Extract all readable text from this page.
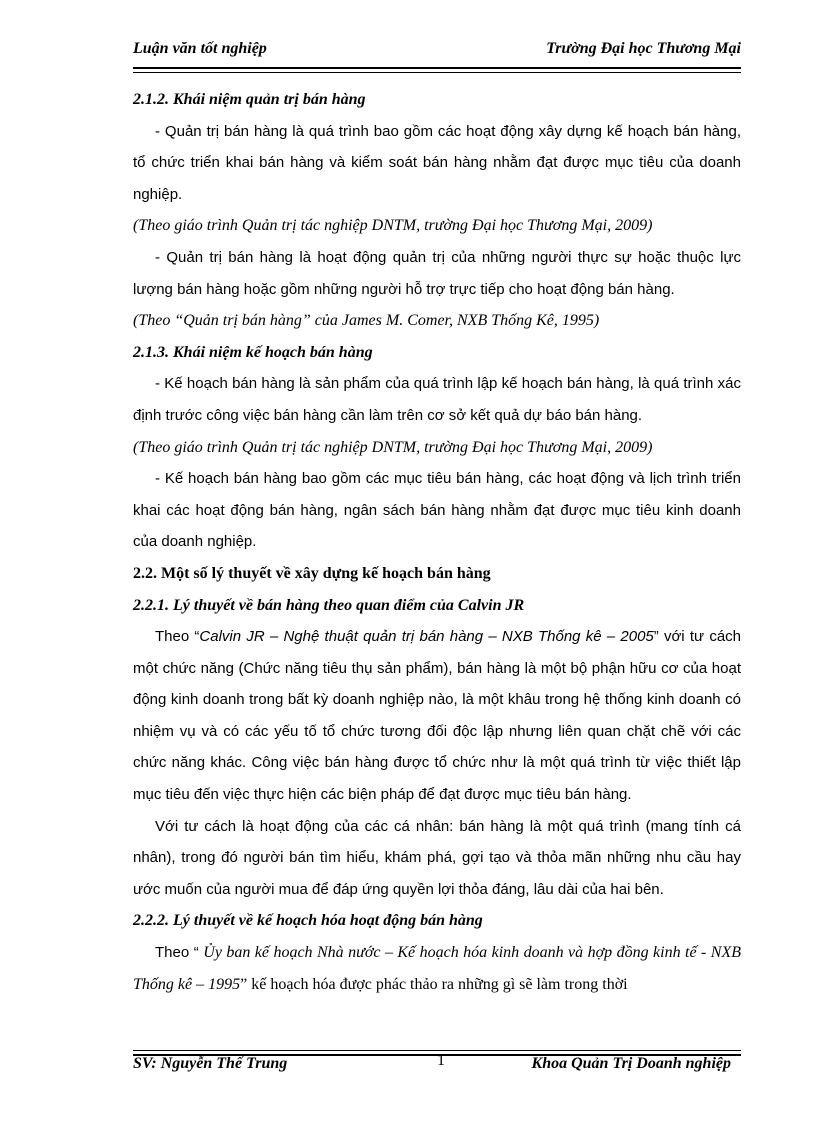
Luận văn tốt nghiệp	Trường Đại học Thương Mại

2.1.2. Khái niệm quản trị bán hàng

- Quản trị bán hàng là quá trình bao gồm các hoạt động xây dựng kế hoạch bán hàng, tổ chức triển khai bán hàng và kiểm soát bán hàng nhằm đạt được mục tiêu của doanh nghiệp.

(Theo giáo trình Quản trị tác nghiệp DNTM, trường Đại học Thương Mại, 2009)

- Quản trị bán hàng là hoạt động quản trị của những người thực sự hoặc thuộc lực lượng bán hàng hoặc gồm những người hỗ trợ trực tiếp cho hoạt động bán hàng.

(Theo “Quản trị bán hàng” của James M. Comer, NXB Thống Kê, 1995)

2.1.3. Khái niệm kế hoạch bán hàng

- Kế hoạch bán hàng là sản phẩm của quá trình lập kế hoạch bán hàng, là quá trình xác định trước công việc bán hàng cần làm trên cơ sở kết quả dự báo bán hàng.

(Theo giáo trình Quản trị tác nghiệp DNTM, trường Đại học Thương Mại, 2009)

- Kế hoạch bán hàng bao gồm các mục tiêu bán hàng, các hoạt động và lịch trình triển khai các hoạt động bán hàng, ngân sách bán hàng nhằm đạt được mục tiêu kinh doanh của doanh nghiệp.

2.2. Một số lý thuyết về xây dựng kế hoạch bán hàng

2.2.1. Lý thuyết về bán hàng theo quan điểm của Calvin JR

Theo “Calvin JR – Nghệ thuật quản trị bán hàng – NXB Thống kê – 2005” với tư cách một chức năng (Chức năng tiêu thụ sản phẩm), bán hàng là một bộ phận hữu cơ của hoạt động kinh doanh trong bất kỳ doanh nghiệp nào, là một khâu trong hệ thống kinh doanh có nhiệm vụ và có các yếu tố tổ chức tương đối độc lập nhưng liên quan chặt chẽ với các chức năng khác. Công việc bán hàng được tổ chức như là một quá trình từ việc thiết lập mục tiêu đến việc thực hiện các biện pháp để đạt được mục tiêu bán hàng.

Với tư cách là hoạt động của các cá nhân: bán hàng là một quá trình (mang tính cá nhân), trong đó người bán tìm hiểu, khám phá, gợi tạo và thỏa mãn những nhu cầu hay ước muốn của người mua để đáp ứng quyền lợi thỏa đáng, lâu dài của hai bên.

2.2.2. Lý thuyết về kế hoạch hóa hoạt động bán hàng

Theo “ Ủy ban kế hoạch Nhà nước – Kế hoạch hóa kinh doanh và hợp đồng kinh tế - NXB Thống kê – 1995” kế hoạch hóa được phác thảo ra những gì sẽ làm trong thời

SV: Nguyễn Thế Trung	1	Khoa Quản Trị Doanh nghiệp
